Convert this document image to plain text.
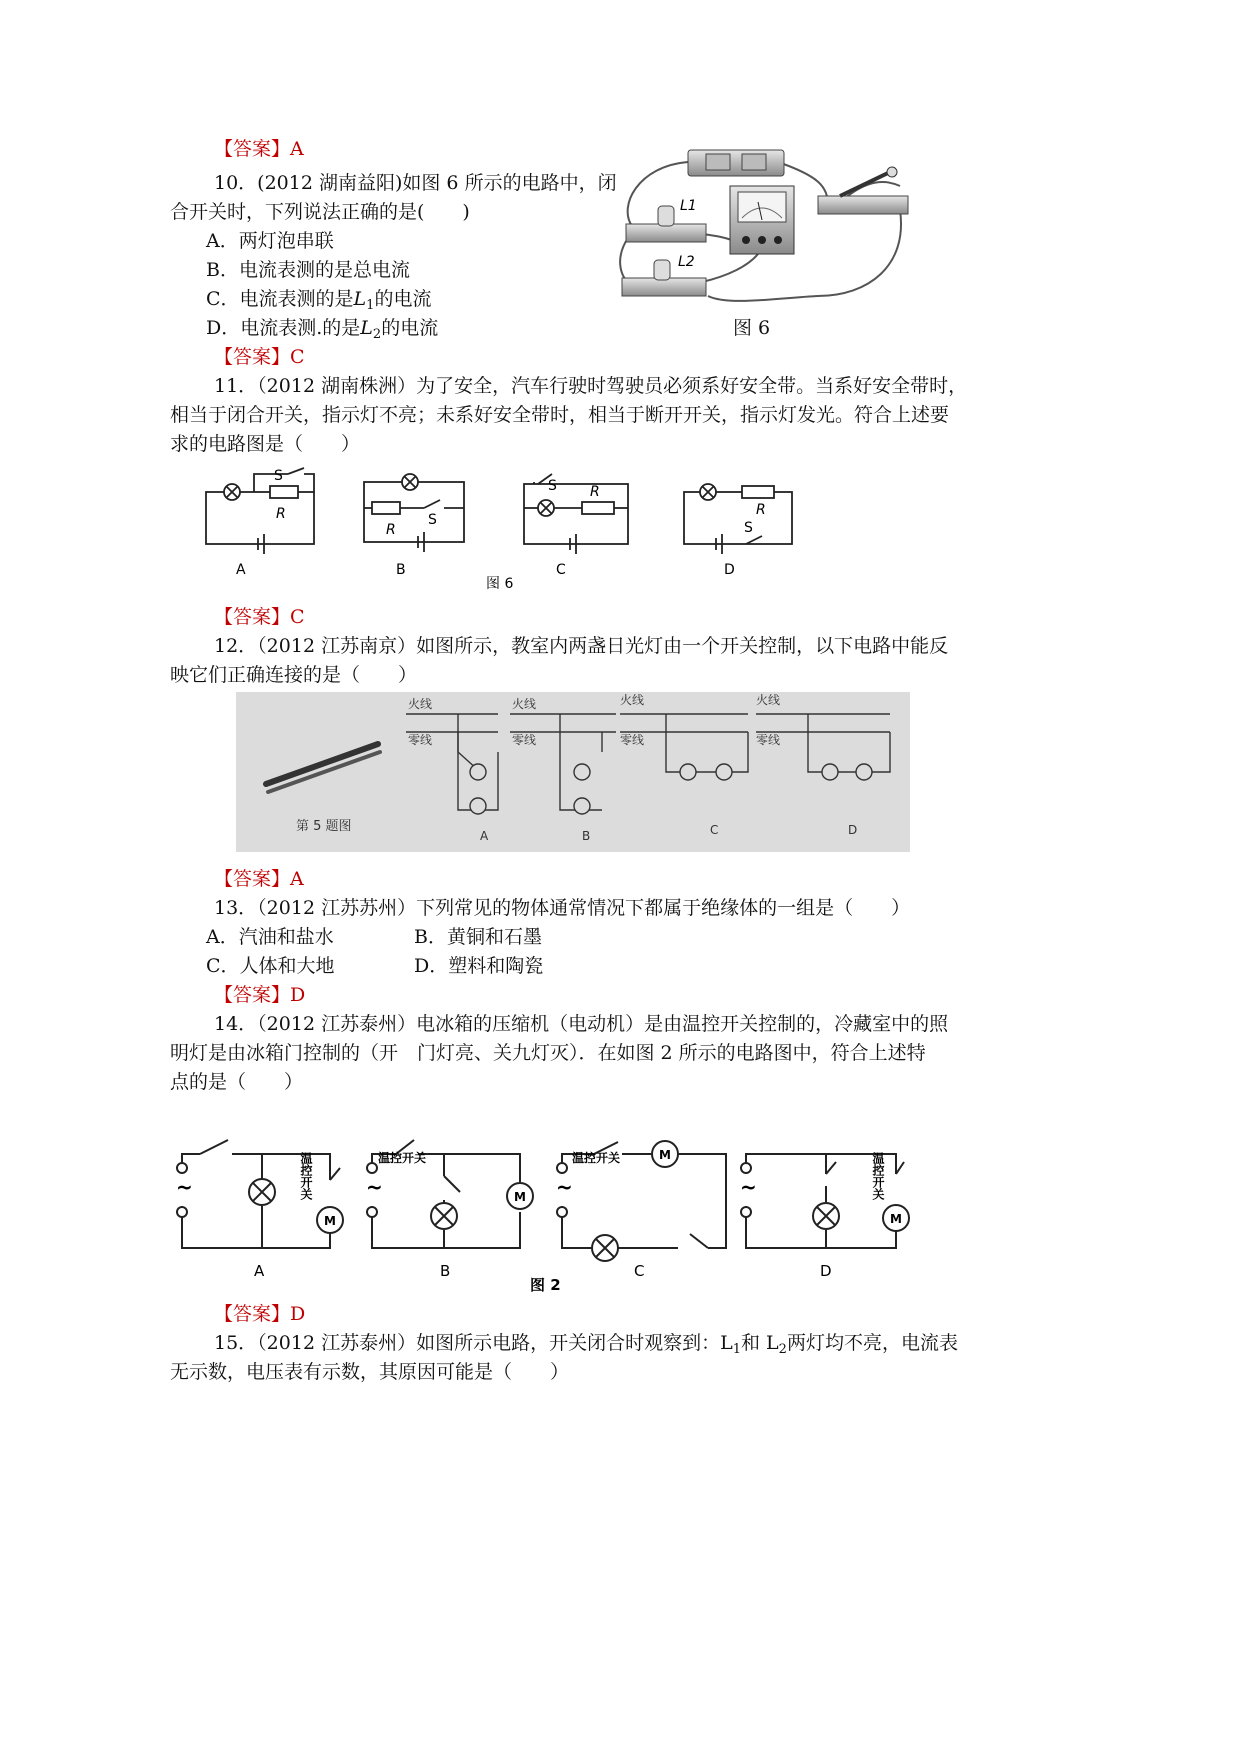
【答案】A
10．(2012 湖南益阳)如图 6 所示的电路中，闭
合开关时，下列说法正确的是(　　)
A．两灯泡串联
B．电流表测的是总电流
C．电流表测的是$L_1$的电流
D．电流表测.的是$L_2$的电流
【答案】C
L1
L2
图 6
11．（2012 湖南株洲）为了安全，汽车行驶时驾驶员必须系好安全带。当系好安全带时，
相当于闭合开关，指示灯不亮；未系好安全带时，相当于断开开关，指示灯发光。符合上述要
求的电路图是（　　）
S
R
R
S
S R
R
S
A	B	C	D
图 6
【答案】C
12．（2012 江苏南京）如图所示，教室内两盏日光灯由一个开关控制，以下电路中能反
映它们正确连接的是（　　）
第 5 题图
火线
零线
火线
零线
火线
零线
火线
零线
A	B	C	D
【答案】A
13．（2012 江苏苏州）下列常见的物体通常情况下都属于绝缘体的一组是（　　）
A．汽油和盐水	B．黄铜和石墨
C．人体和大地	D．塑料和陶瓷
【答案】D
14．（2012 江苏泰州）电冰箱的压缩机（电动机）是由温控开关控制的，冷藏室中的照
明灯是由冰箱门控制的（开　门灯亮、关九灯灭）．在如图 2 所示的电路图中，符合上述特
点的是（　　）
~	~	~	~
M
M
M
M
温控开关	温控开关	温控开关	温控开关
A	B	C	D
图 2
【答案】D
15．（2012 江苏泰州）如图所示电路，开关闭合时观察到：$L_1$和 $L_2$两灯均不亮，电流表
无示数，电压表有示数，其原因可能是（　　）
